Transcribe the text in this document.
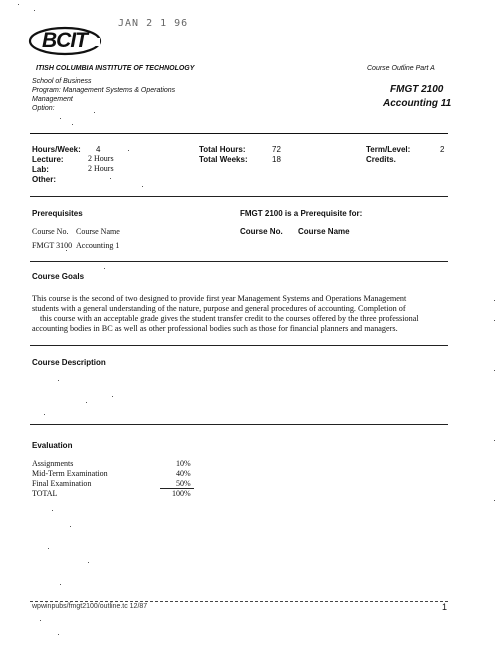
JAN 2 1 96
BCIT
ITISH COLUMBIA INSTITUTE OF TECHNOLOGY	Course Outline Part A
School of Business
Program: Management Systems & Operations
Management
Option:
FMGT 2100
Accounting 11
Hours/Week: 4
Lecture:	2 Hours
Lab:	2 Hours
Other:
Total Hours:	72
Total Weeks:	18
Term/Level:	2
Credits.
Prerequisites
Course No. Course Name
FMGT 3100 Accounting 1
FMGT 2100 is a Prerequisite for:
Course No. Course Name
Course Goals
This course is the second of two designed to provide first year Management Systems and Operations Management
students with a general understanding of the nature, purpose and general procedures of accounting. Completion of
this course with an acceptable grade gives the student transfer credit to the courses offered by the three professional
accounting bodies in BC as well as other professional bodies such as those for financial planners and managers.
Course Description
Evaluation
Assignments	10%
Mid-Term Examination	40%
Final Examination	50%
TOTAL	100%
wpwinpubs/fmgt2100/outline.tc 12/87	1
